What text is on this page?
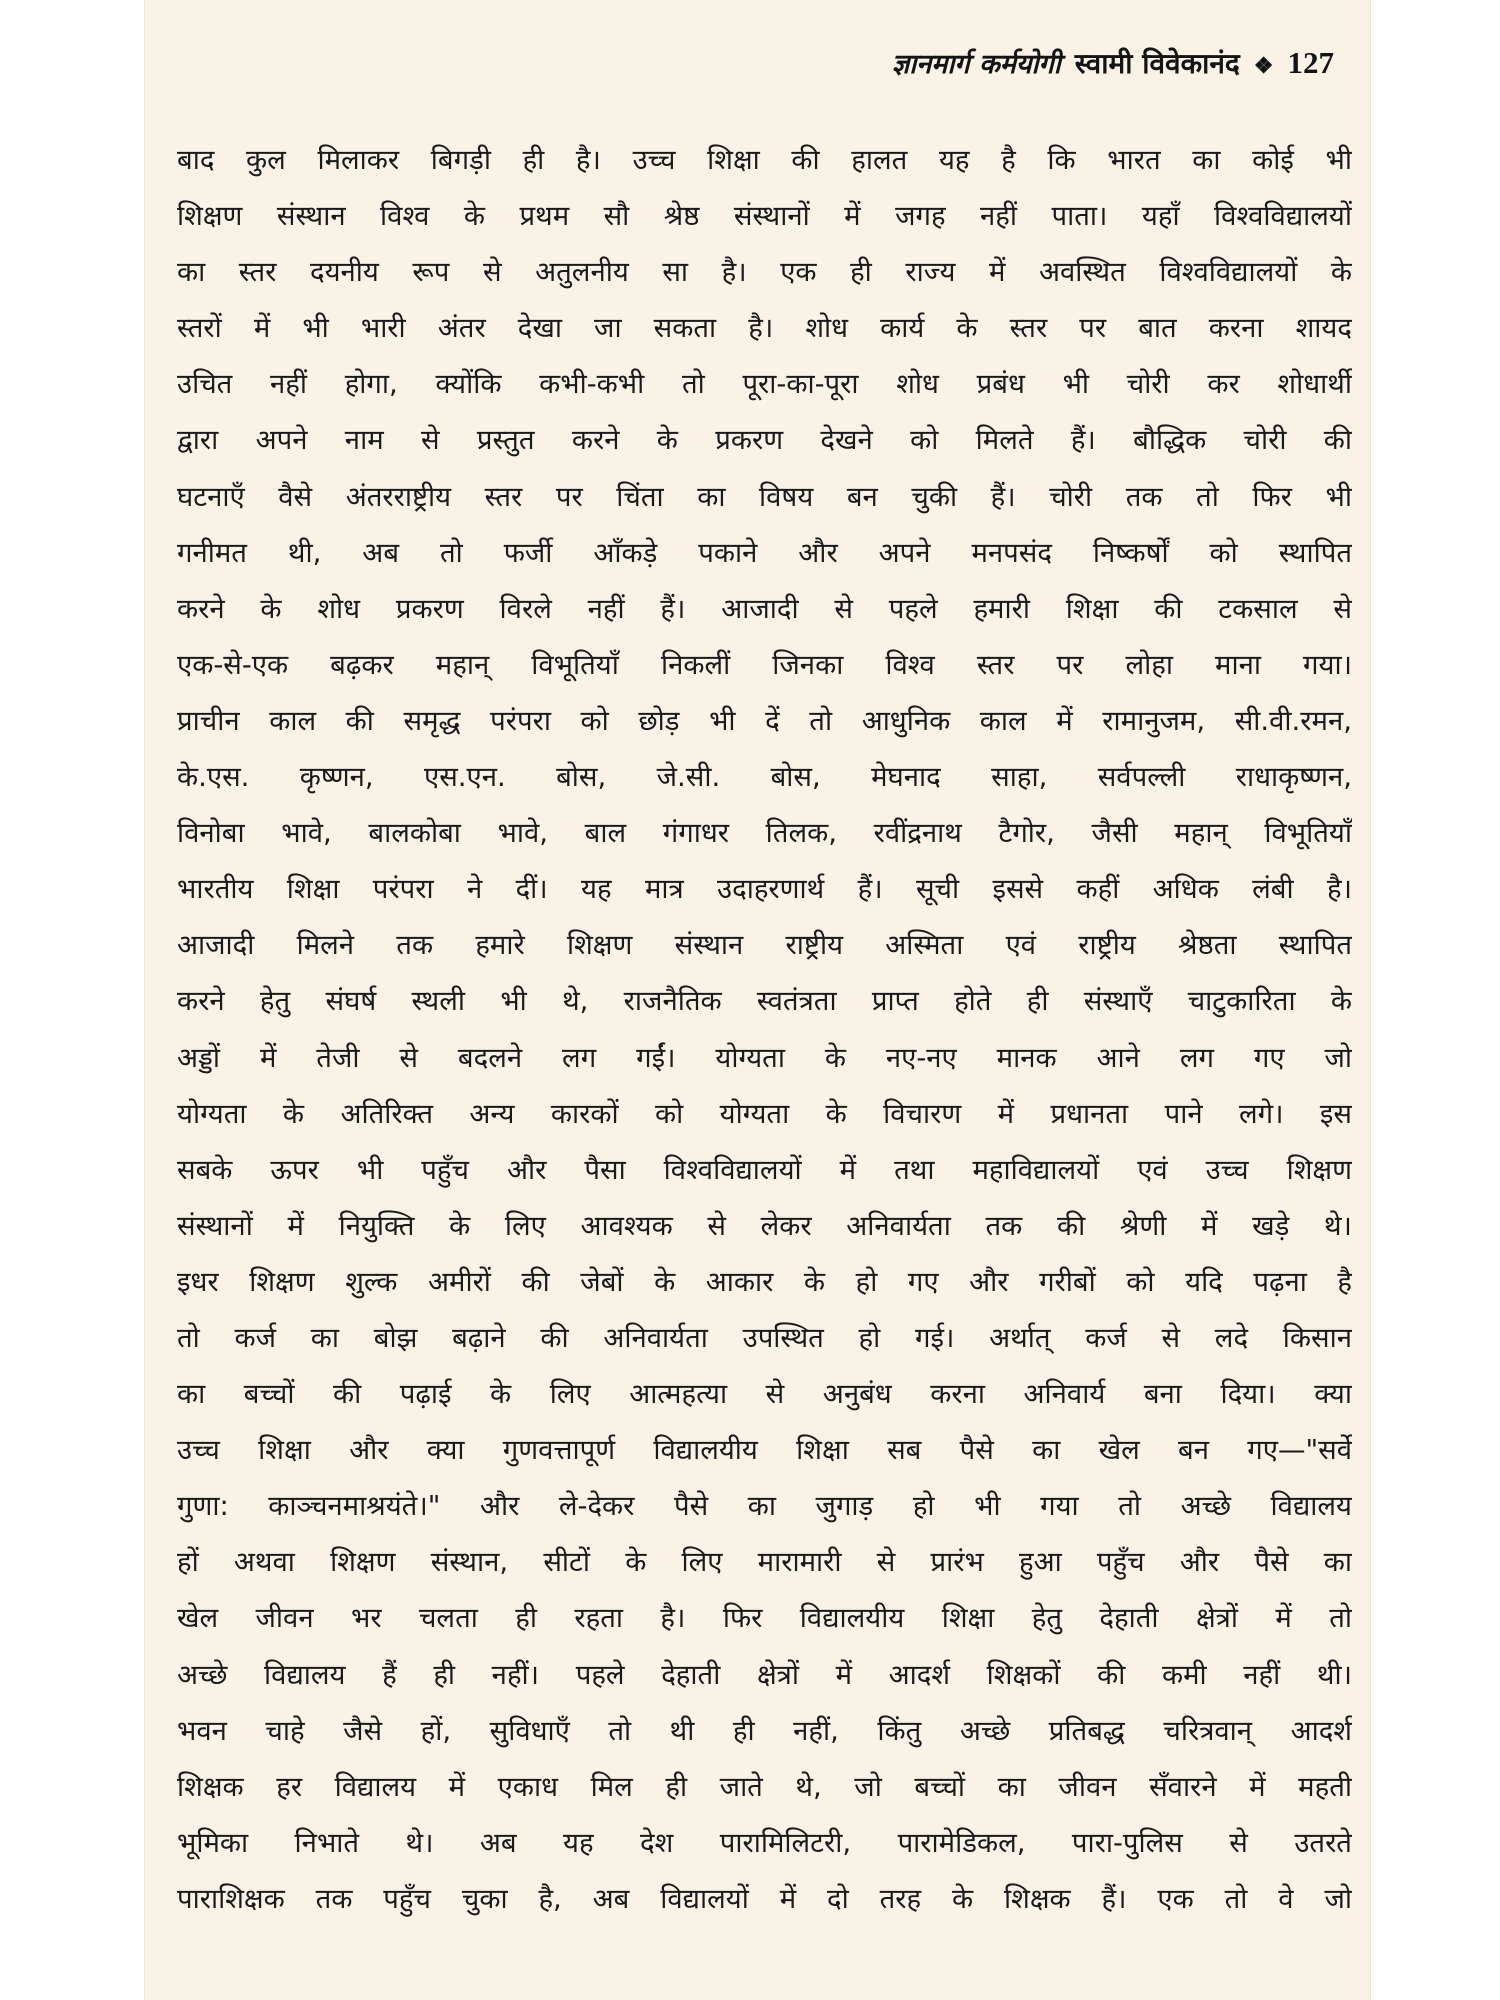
ज्ञानमार्ग कर्मयोगी स्वामी विवेकानंद ❖ 127
बाद कुल मिलाकर बिगड़ी ही है। उच्च शिक्षा की हालत यह है कि भारत का कोई भी
शिक्षण संस्थान विश्व के प्रथम सौ श्रेष्ठ संस्थानों में जगह नहीं पाता। यहाँ विश्वविद्यालयों
का स्तर दयनीय रूप से अतुलनीय सा है। एक ही राज्य में अवस्थित विश्वविद्यालयों के
स्तरों में भी भारी अंतर देखा जा सकता है। शोध कार्य के स्तर पर बात करना शायद
उचित नहीं होगा, क्योंकि कभी-कभी तो पूरा-का-पूरा शोध प्रबंध भी चोरी कर शोधार्थी
द्वारा अपने नाम से प्रस्तुत करने के प्रकरण देखने को मिलते हैं। बौद्धिक चोरी की
घटनाएँ वैसे अंतरराष्ट्रीय स्तर पर चिंता का विषय बन चुकी हैं। चोरी तक तो फिर भी
गनीमत थी, अब तो फर्जी आँकड़े पकाने और अपने मनपसंद निष्कर्षों को स्थापित
करने के शोध प्रकरण विरले नहीं हैं। आजादी से पहले हमारी शिक्षा की टकसाल से
एक-से-एक बढ़कर महान् विभूतियाँ निकलीं जिनका विश्व स्तर पर लोहा माना गया।
प्राचीन काल की समृद्ध परंपरा को छोड़ भी दें तो आधुनिक काल में रामानुजम, सी.वी.रमन,
के.एस. कृष्णन, एस.एन. बोस, जे.सी. बोस, मेघनाद साहा, सर्वपल्ली राधाकृष्णन,
विनोबा भावे, बालकोबा भावे, बाल गंगाधर तिलक, रवींद्रनाथ टैगोर, जैसी महान् विभूतियाँ
भारतीय शिक्षा परंपरा ने दीं। यह मात्र उदाहरणार्थ हैं। सूची इससे कहीं अधिक लंबी है।
आजादी मिलने तक हमारे शिक्षण संस्थान राष्ट्रीय अस्मिता एवं राष्ट्रीय श्रेष्ठता स्थापित
करने हेतु संघर्ष स्थली भी थे, राजनैतिक स्वतंत्रता प्राप्त होते ही संस्थाएँ चाटुकारिता के
अड्डों में तेजी से बदलने लग गईं। योग्यता के नए-नए मानक आने लग गए जो
योग्यता के अतिरिक्त अन्य कारकों को योग्यता के विचारण में प्रधानता पाने लगे। इस
सबके ऊपर भी पहुँच और पैसा विश्वविद्यालयों में तथा महाविद्यालयों एवं उच्च शिक्षण
संस्थानों में नियुक्ति के लिए आवश्यक से लेकर अनिवार्यता तक की श्रेणी में खड़े थे।
इधर शिक्षण शुल्क अमीरों की जेबों के आकार के हो गए और गरीबों को यदि पढ़ना है
तो कर्ज का बोझ बढ़ाने की अनिवार्यता उपस्थित हो गई। अर्थात् कर्ज से लदे किसान
का बच्चों की पढ़ाई के लिए आत्महत्या से अनुबंध करना अनिवार्य बना दिया। क्या
उच्च शिक्षा और क्या गुणवत्तापूर्ण विद्यालयीय शिक्षा सब पैसे का खेल बन गए—"सर्वे
गुणा: काञ्चनमाश्रयंते।" और ले-देकर पैसे का जुगाड़ हो भी गया तो अच्छे विद्यालय
हों अथवा शिक्षण संस्थान, सीटों के लिए मारामारी से प्रारंभ हुआ पहुँच और पैसे का
खेल जीवन भर चलता ही रहता है। फिर विद्यालयीय शिक्षा हेतु देहाती क्षेत्रों में तो
अच्छे विद्यालय हैं ही नहीं। पहले देहाती क्षेत्रों में आदर्श शिक्षकों की कमी नहीं थी।
भवन चाहे जैसे हों, सुविधाएँ तो थी ही नहीं, किंतु अच्छे प्रतिबद्ध चरित्रवान् आदर्श
शिक्षक हर विद्यालय में एकाध मिल ही जाते थे, जो बच्चों का जीवन सँवारने में महती
भूमिका निभाते थे। अब यह देश पारामिलिटरी, पारामेडिकल, पारा-पुलिस से उतरते
पाराशिक्षक तक पहुँच चुका है, अब विद्यालयों में दो तरह के शिक्षक हैं। एक तो वे जो
